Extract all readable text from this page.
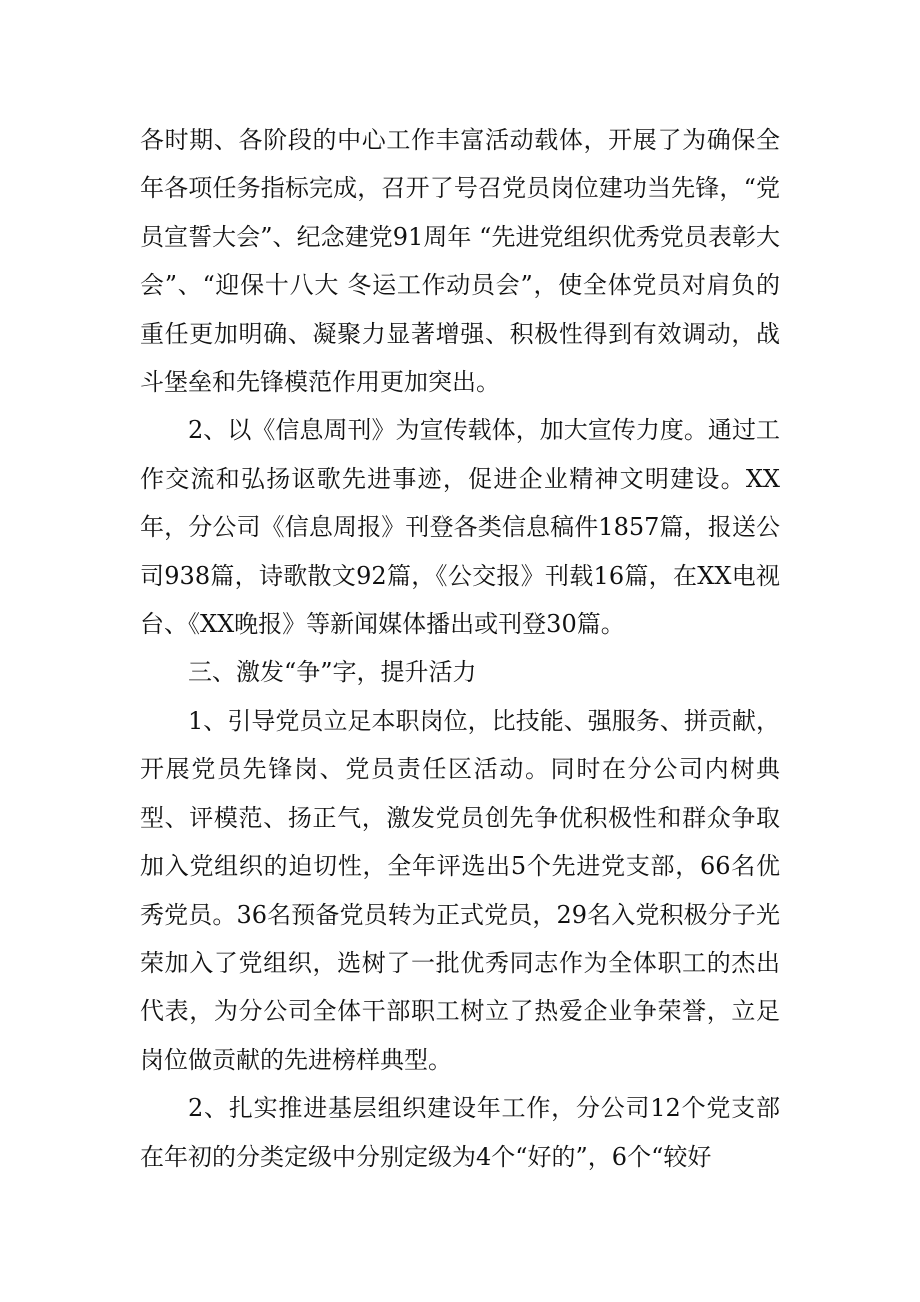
各时期、各阶段的中心工作丰富活动载体，开展了为确保全年各项任务指标完成，召开了号召党员岗位建功当先锋，“党员宣誓大会”、纪念建党91周年 “先进党组织优秀党员表彰大会”、“迎保十八大 冬运工作动员会”，使全体党员对肩负的重任更加明确、凝聚力显著增强、积极性得到有效调动，战斗堡垒和先锋模范作用更加突出。

2、以《信息周刊》为宣传载体，加大宣传力度。通过工作交流和弘扬讴歌先进事迹，促进企业精神文明建设。XX年，分公司《信息周报》刊登各类信息稿件1857篇，报送公司938篇，诗歌散文92篇，《公交报》刊载16篇，在XX电视台、《XX晚报》等新闻媒体播出或刊登30篇。

三、激发“争”字，提升活力

1、引导党员立足本职岗位，比技能、强服务、拼贡献，开展党员先锋岗、党员责任区活动。同时在分公司内树典型、评模范、扬正气，激发党员创先争优积极性和群众争取加入党组织的迫切性，全年评选出5个先进党支部，66名优秀党员。36名预备党员转为正式党员，29名入党积极分子光荣加入了党组织，选树了一批优秀同志作为全体职工的杰出代表，为分公司全体干部职工树立了热爱企业争荣誉，立足岗位做贡献的先进榜样典型。

2、扎实推进基层组织建设年工作，分公司12个党支部在年初的分类定级中分别定级为4个“好的”，6个“较好
